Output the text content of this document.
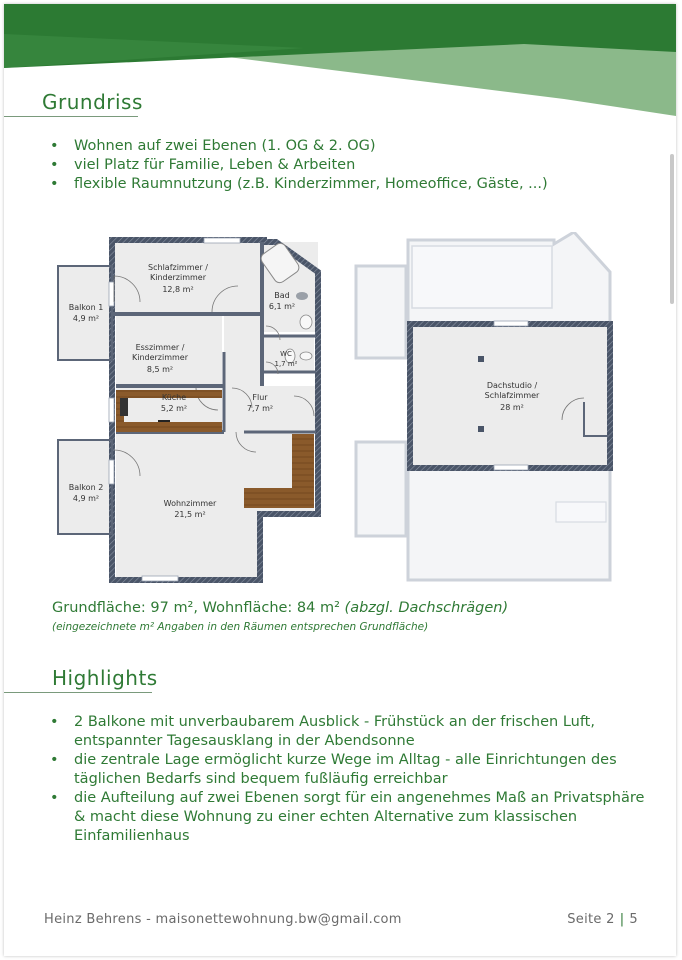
Grundriss
• Wohnen auf zwei Ebenen (1. OG & 2. OG)
• viel Platz für Familie, Leben & Arbeiten
• flexible Raumnutzung (z.B. Kinderzimmer, Homeoffice, Gäste, ...)
Schlafzimmer /
Kinderzimmer
12,8 m²
Bad
6,1 m²
Balkon 1
4,9 m²
Esszimmer /
Kinderzimmer
8,5 m²
WC
1,7 m²
Küche
5,2 m²
Flur
7,7 m²
Balkon 2
4,9 m²
Wohnzimmer
21,5 m²
Dachstudio /
Schlafzimmer
28 m²
Grundfläche: 97 m², Wohnfläche: 84 m² (abzgl. Dachschrägen)
(eingezeichnete m² Angaben in den Räumen entsprechen Grundfläche)
Highlights
• 2 Balkone mit unverbaubarem Ausblick - Frühstück an der frischen Luft, entspannter Tagesausklang in der Abendsonne
• die zentrale Lage ermöglicht kurze Wege im Alltag - alle Einrichtungen des täglichen Bedarfs sind bequem fußläufig erreichbar
• die Aufteilung auf zwei Ebenen sorgt für ein angenehmes Maß an Privatsphäre & macht diese Wohnung zu einer echten Alternative zum klassischen Einfamilienhaus
Heinz Behrens - maisonettewohnung.bw@gmail.com	Seite 2 | 5
